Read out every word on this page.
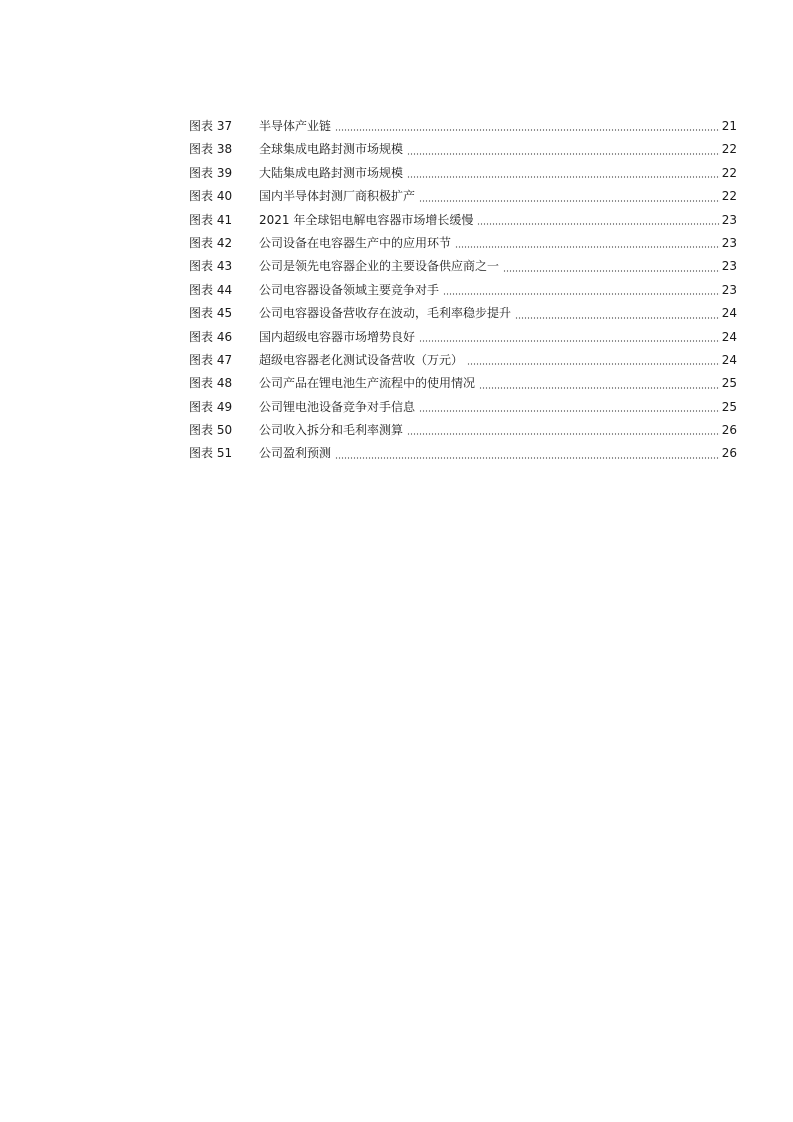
图表 37	半导体产业链	21
图表 38	全球集成电路封测市场规模	22
图表 39	大陆集成电路封测市场规模	22
图表 40	国内半导体封测厂商积极扩产	22
图表 41	2021 年全球铝电解电容器市场增长缓慢	23
图表 42	公司设备在电容器生产中的应用环节	23
图表 43	公司是领先电容器企业的主要设备供应商之一	23
图表 44	公司电容器设备领域主要竞争对手	23
图表 45	公司电容器设备营收存在波动，毛利率稳步提升	24
图表 46	国内超级电容器市场增势良好	24
图表 47	超级电容器老化测试设备营收（万元）	24
图表 48	公司产品在锂电池生产流程中的使用情况	25
图表 49	公司锂电池设备竞争对手信息	25
图表 50	公司收入拆分和毛利率测算	26
图表 51	公司盈利预测	26
